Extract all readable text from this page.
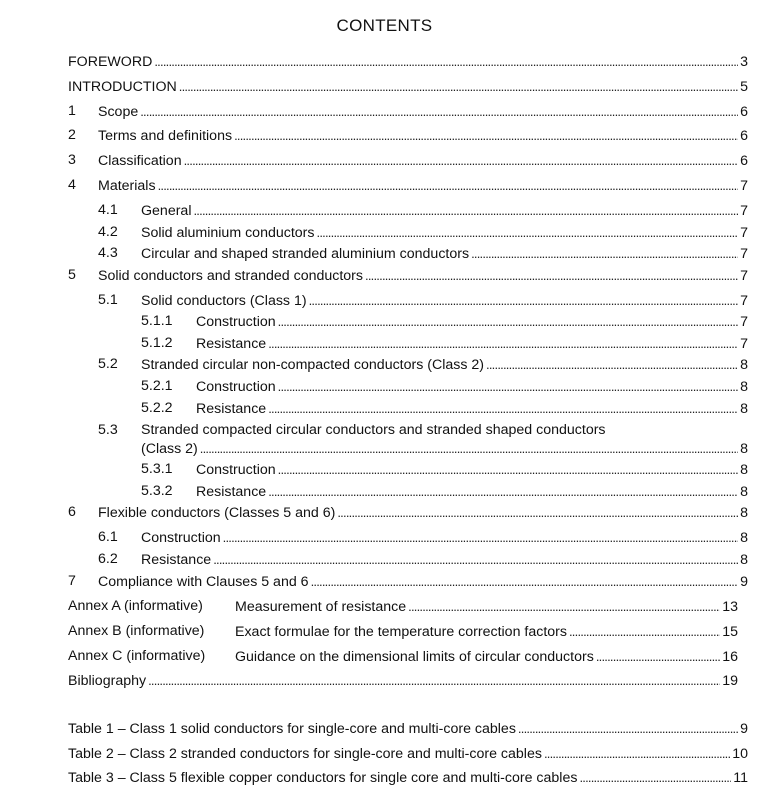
CONTENTS
FOREWORD . . .	3
INTRODUCTION . . .	5
1 Scope . . .	6
2 Terms and definitions . . .	6
3 Classification . . .	6
4 Materials . . .	7
4.1 General . . .	7
4.2 Solid aluminium conductors . . .	7
4.3 Circular and shaped stranded aluminium conductors . . .	7
5 Solid conductors and stranded conductors . . .	7
5.1 Solid conductors (Class 1) . . .	7
5.1.1 Construction . . .	7
5.1.2 Resistance . . .	7
5.2 Stranded circular non-compacted conductors (Class 2) . . .	8
5.2.1 Construction . . .	8
5.2.2 Resistance . . .	8
5.3 Stranded compacted circular conductors and stranded shaped conductors
(Class 2) . . .	8
5.3.1 Construction . . .	8
5.3.2 Resistance . . .	8
6 Flexible conductors (Classes 5 and 6) . . .	8
6.1 Construction . . .	8
6.2 Resistance . . .	8
7 Compliance with Clauses 5 and 6 . . .	9
Annex A (informative) Measurement of resistance . . .	13
Annex B (informative) Exact formulae for the temperature correction factors . . .	15
Annex C (informative) Guidance on the dimensional limits of circular conductors . . .	16
Bibliography . . .	19
Table 1 – Class 1 solid conductors for single-core and multi-core cables . . .	9
Table 2 – Class 2 stranded conductors for single-core and multi-core cables . . .	10
Table 3 – Class 5 flexible copper conductors for single core and multi-core cables . . .	11
